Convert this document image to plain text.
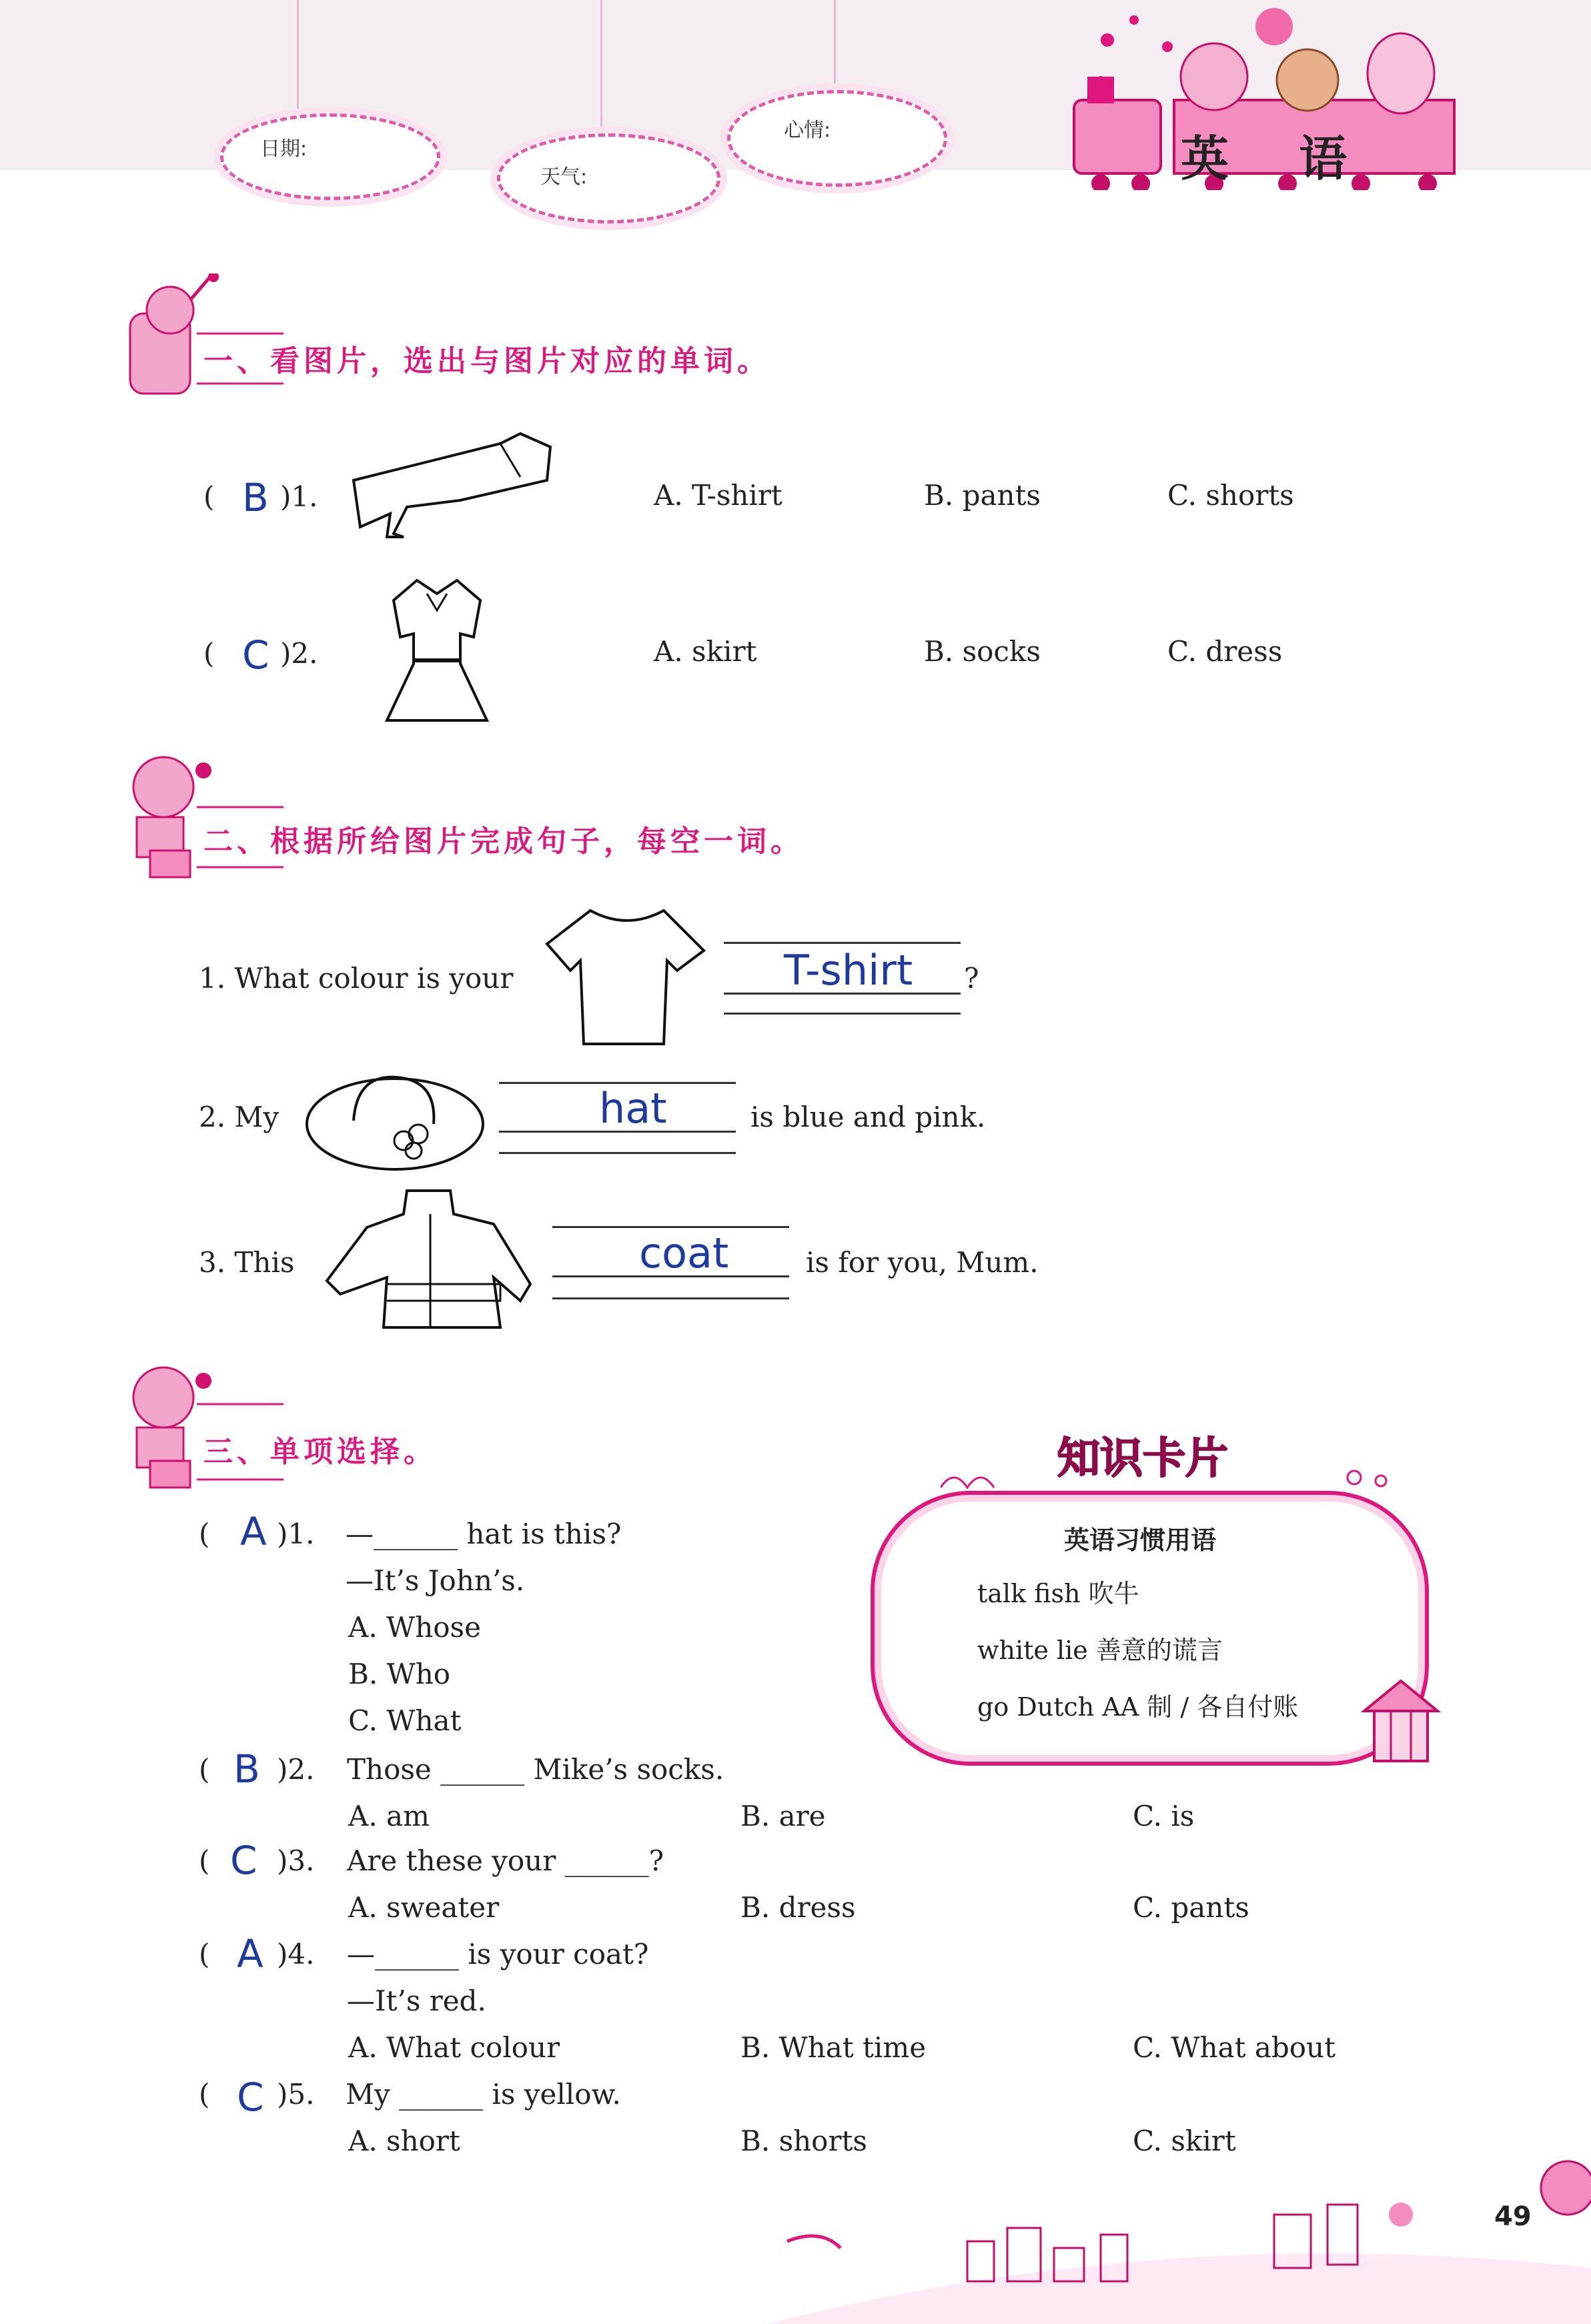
日期:
天气:
心情:
英 语
一、看图片，选出与图片对应的单词。
( B )1.	A. T-shirt	B. pants	C. shorts
( C )2.	A. skirt	B. socks	C. dress
二、根据所给图片完成句子，每空一词。
1. What colour is your	T-shirt ?
2. My	hat	is blue and pink.
3. This	coat	is for you, Mum.
三、单项选择。
( A )1. —______ hat is this?
—It’s John’s.
A. Whose
B. Who
C. What
( B )2. Those ______ Mike’s socks.
A. am	B. are	C. is
( C )3. Are these your ______?
A. sweater	B. dress	C. pants
( A )4. —______ is your coat?
—It’s red.
A. What colour	B. What time	C. What about
( C )5. My ______ is yellow.
A. short	B. shorts	C. skirt
知识卡片
英语习惯用语
talk fish 吹牛
white lie 善意的谎言
go Dutch AA 制 / 各自付账
49
